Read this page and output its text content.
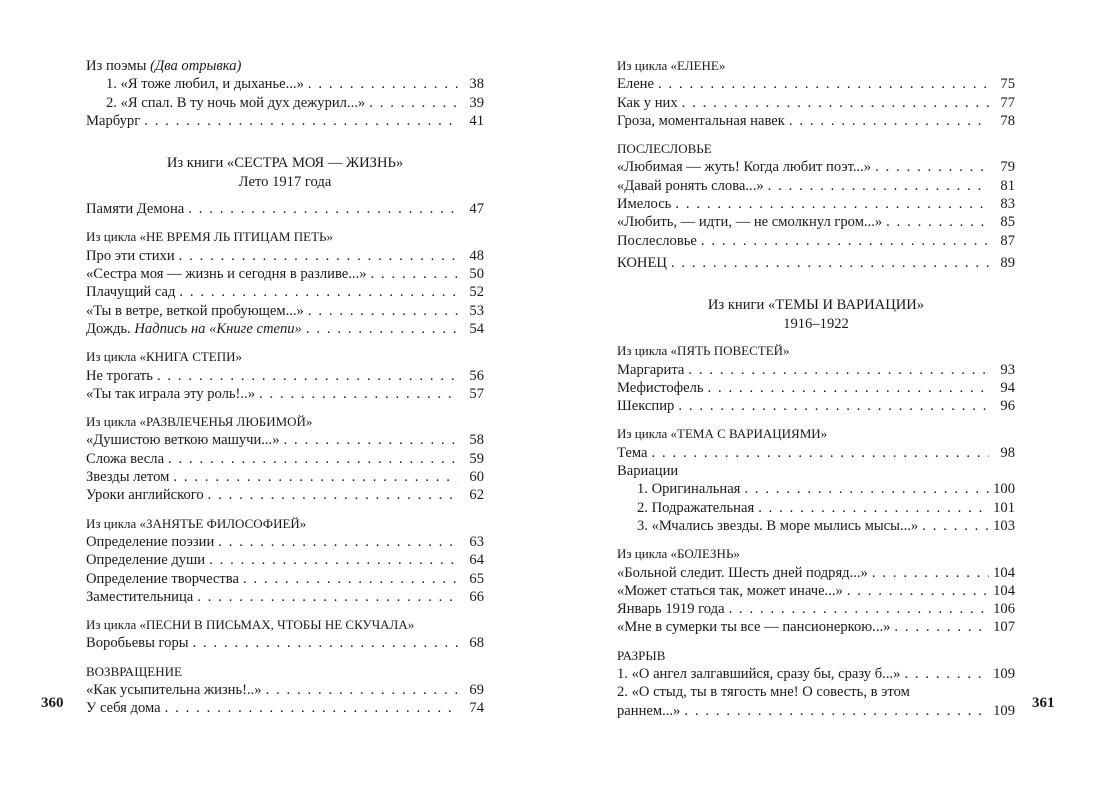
Из поэмы (Два отрывка)
1. «Я тоже любил, и дыханье...» . . .	38
2. «Я спал. В ту ночь мой дух дежурил...» . . .	39
Марбург . . .	41
Из книги «СЕСТРА МОЯ — ЖИЗНЬ»
Лето 1917 года
Памяти Демона . . .	47
Из цикла «НЕ ВРЕМЯ ЛЬ ПТИЦАМ ПЕТЬ»
Про эти стихи . . .	48
«Сестра моя — жизнь и сегодня в разливе...» . . .	50
Плачущий сад . . .	52
«Ты в ветре, веткой пробующем...» . . .	53
Дождь. Надпись на «Книге степи» . . .	54
Из цикла «КНИГА СТЕПИ»
Не трогать . . .	56
«Ты так играла эту роль!..» . . .	57
Из цикла «РАЗВЛЕЧЕНЬЯ ЛЮБИМОЙ»
«Душистою веткою машучи...» . . .	58
Сложа весла . . .	59
Звезды летом . . .	60
Уроки английского . . .	62
Из цикла «ЗАНЯТЬЕ ФИЛОСОФИЕЙ»
Определение поэзии . . .	63
Определение души . . .	64
Определение творчества . . .	65
Заместительница . . .	66
Из цикла «ПЕСНИ В ПИСЬМАХ, ЧТОБЫ НЕ СКУЧАЛА»
Воробьевы горы . . .	68
ВОЗВРАЩЕНИЕ
«Как усыпительна жизнь!..» . . .	69
У себя дома . . .	74
Из цикла «ЕЛЕНЕ»
Елене . . .	75
Как у них . . .	77
Гроза, моментальная навек . . .	78
ПОСЛЕСЛОВЬЕ
«Любимая — жуть! Когда любит поэт...» . . .	79
«Давай ронять слова...» . . .	81
Имелось . . .	83
«Любить, — идти, — не смолкнул гром...» . . .	85
Послесловье . . .	87
КОНЕЦ . . .	89
Из книги «ТЕМЫ И ВАРИАЦИИ»
1916–1922
Из цикла «ПЯТЬ ПОВЕСТЕЙ»
Маргарита . . .	93
Мефистофель . . .	94
Шекспир . . .	96
Из цикла «ТЕМА С ВАРИАЦИЯМИ»
Тема . . .	98
Вариации
1. Оригинальная . . .	100
2. Подражательная . . .	101
3. «Мчались звезды. В море мылись мысы...» . . .	103
Из цикла «БОЛЕЗНЬ»
«Больной следит. Шесть дней подряд...» . . .	104
«Может статься так, может иначе...» . . .	104
Январь 1919 года . . .	106
«Мне в сумерки ты все — пансионеркою...» . . .	107
РАЗРЫВ
1. «О ангел залгавшийся, сразу бы, сразу б...» . . .	109
2. «О стыд, ты в тягость мне! О совесть, в этом
раннем...» . . .	109
360	361
